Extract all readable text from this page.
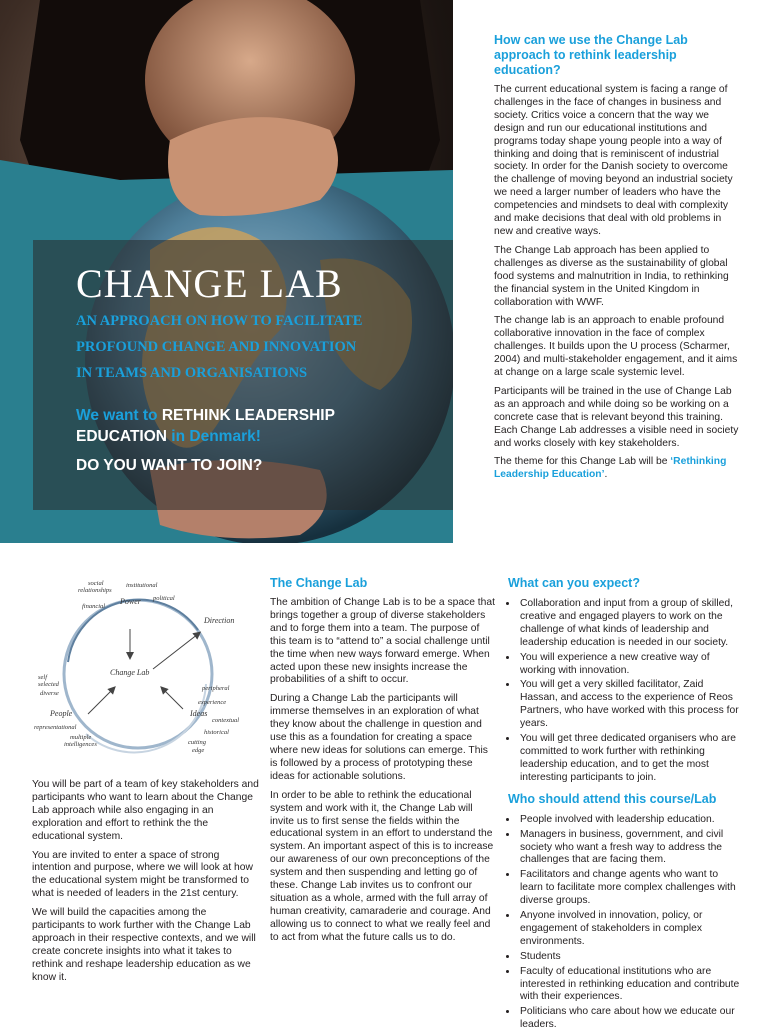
CHANGE LAB
AN APPROACH ON HOW TO FACILITATE
PROFOUND CHANGE AND INNOVATION
IN TEAMS AND ORGANISATIONS
We want to RETHINK LEADERSHIP EDUCATION in Denmark!
DO YOU WANT TO JOIN?
How can we use the Change Lab approach to rethink leadership education?

The current educational system is facing a range of challenges in the face of changes in business and society. Critics voice a concern that the way we design and run our educational institutions and programs today shape young people into a way of thinking and doing that is reminiscent of industrial society. In order for the Danish society to overcome the challenge of moving beyond an industrial society we need a larger number of leaders who have the competencies and mindsets to deal with complexity and make decisions that deal with old problems in new and creative ways.

The Change Lab approach has been applied to challenges as diverse as the sustainability of global food systems and malnutrition in India, to rethinking the financial system in the United Kingdom in collaboration with WWF.

The change lab is an approach to enable profound collaborative innovation in the face of complex challenges. It builds upon the U process (Scharmer, 2004) and multi-stakeholder engagement, and it aims at change on a large scale systemic level.

Participants will be trained in the use of Change Lab as an approach and while doing so be working on a concrete case that is relevant beyond this training. Each Change Lab addresses a visible need in society and works closely with key stakeholders.

The theme for this Change Lab will be ‘Rethinking Leadership Education’.

social
relationships
institutional
political
financial
Power
Direction
Change Lab
self
selected
diverse
People
representational
multiple
intelligences
peripheral
experience
Ideas
contextual
historical
cutting
edge

You will be part of a team of key stakeholders and participants who want to learn about the Change Lab approach while also engaging in an exploration and effort to rethink the the educational system.

You are invited to enter a space of strong intention and purpose, where we will look at how the educational system might be transformed to what is needed of leaders in the 21st century.

We will build the capacities among the participants to work further with the Change Lab approach in their respective contexts, and we will create concrete insights into what it takes to rethink and reshape leadership education as we know it.

The Change Lab

The ambition of Change Lab is to be a space that brings together a group of diverse stakeholders and to forge them into a team. The purpose of this team is to “attend to” a social challenge until the time when new ways forward emerge. When acted upon these new insights increase the probabilities of a shift to occur.

During a Change Lab the participants will immerse themselves in an exploration of what they know about the challenge in question and use this as a foundation for creating a space where new ideas for solutions can emerge. This is followed by a process of prototyping these ideas for actionable solutions.

In order to be able to rethink the educational system and work with it, the Change Lab will invite us to first sense the fields within the educational system in an effort to understand the system. An important aspect of this is to increase our awareness of our own preconceptions of the system and then suspending and letting go of these. Change Lab invites us to confront our situation as a whole, armed with the full array of human creativity, camaraderie and courage. And allowing us to connect to what we really feel and to act from what the future calls us to do.

What can you expect?
• Collaboration and input from a group of skilled, creative and engaged players to work on the challenge of what kinds of leadership and leadership education is needed in our society.
• You will experience a new creative way of working with innovation.
• You will get a very skilled facilitator, Zaid Hassan, and access to the experience of Reos Partners, who have worked with this process for years.
• You will get three dedicated organisers who are committed to work further with rethinking leadership education, and to get the most interesting participants to join.
Who should attend this course/Lab
• People involved with leadership education.
• Managers in business, government, and civil society who want a fresh way to address the challenges that are facing them.
• Facilitators and change agents who want to learn to facilitate more complex challenges with diverse groups.
• Anyone involved in innovation, policy, or engagement of stakeholders in complex environments.
• Students
• Faculty of educational institutions who are interested in rethinking education and contribute with their experiences.
• Politicians who care about how we educate our leaders.
